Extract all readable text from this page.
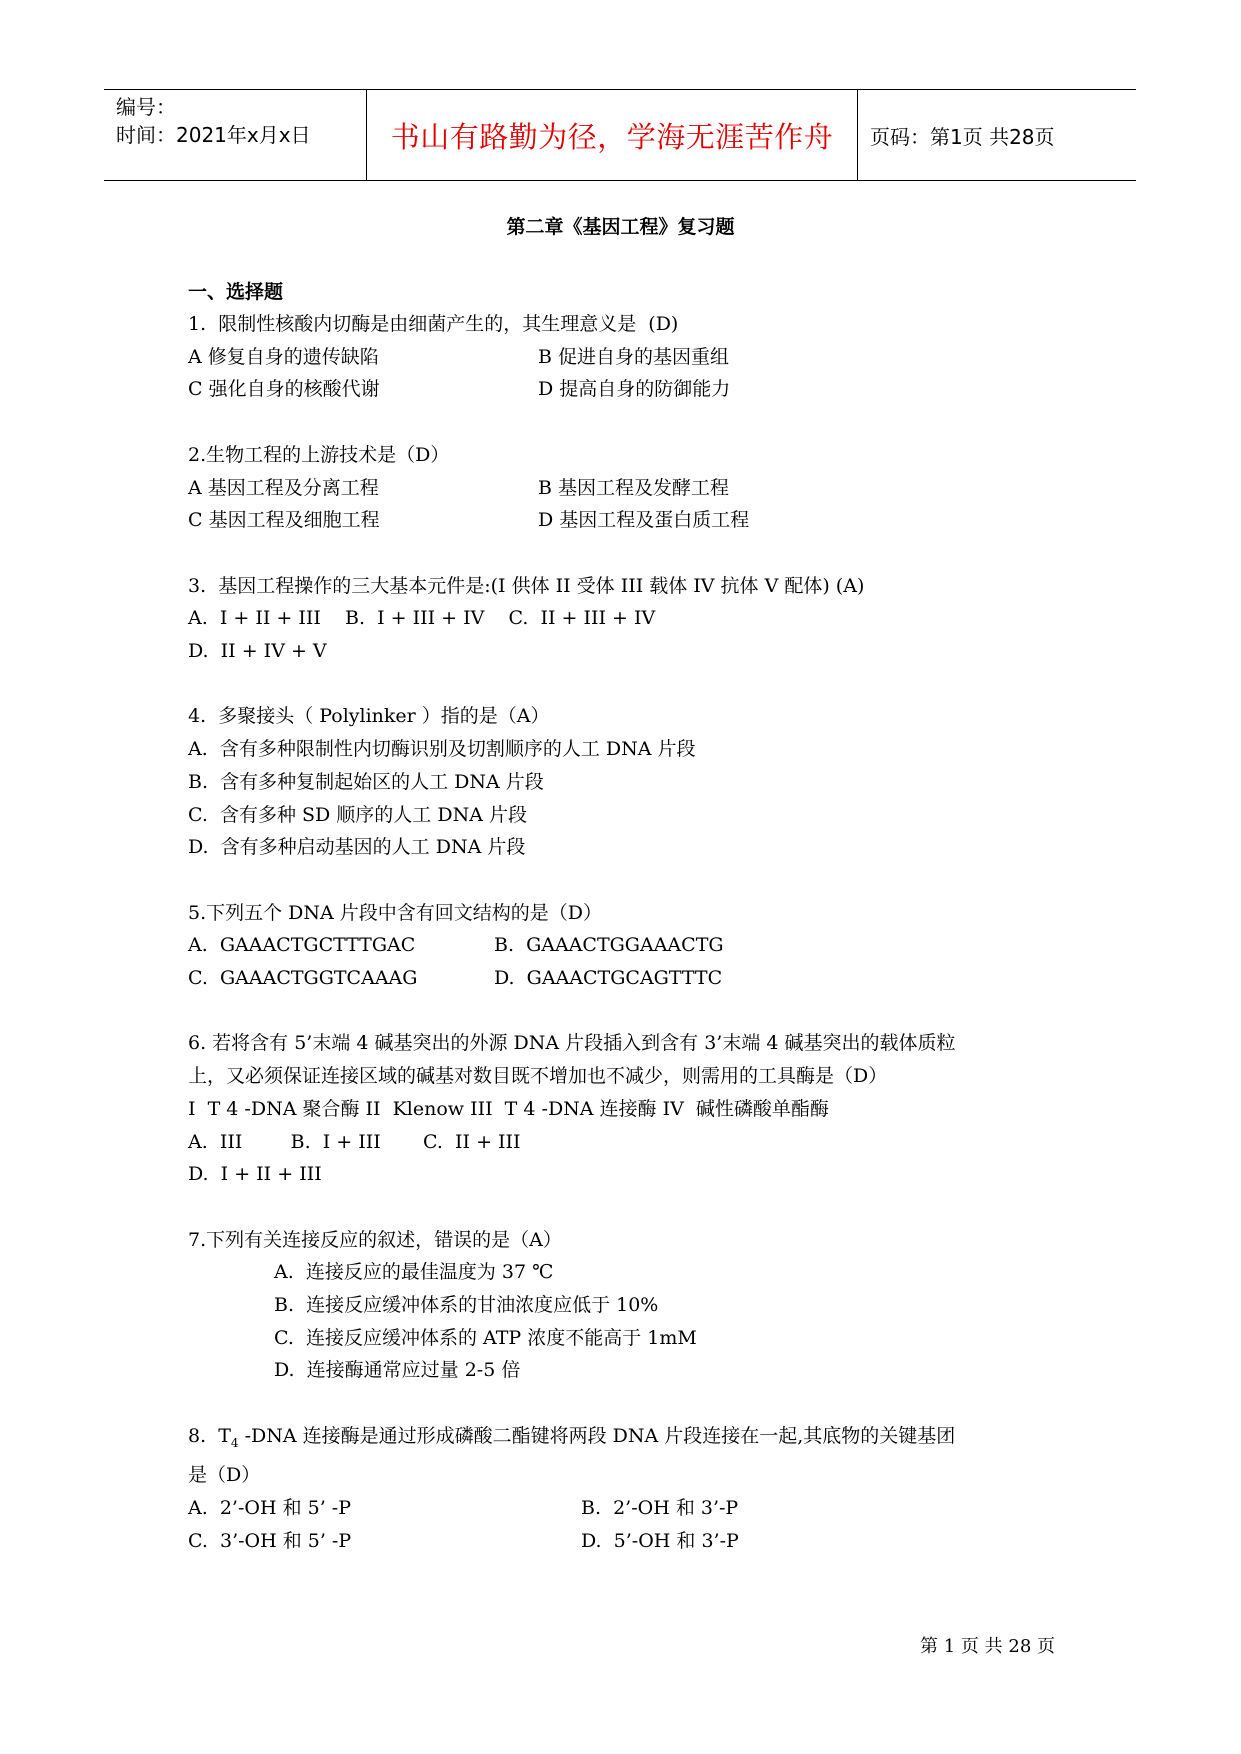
编号：
时间：2021年x月x日	书山有路勤为径，学海无涯苦作舟 页码：第1页 共28页
第二章《基因工程》复习题
一、选择题
1.  限制性核酸内切酶是由细菌产生的，其生理意义是  (D)
A 修复自身的遗传缺陷	B 促进自身的基因重组
C 强化自身的核酸代谢	D 提高自身的防御能力
2.生物工程的上游技术是（D）
A 基因工程及分离工程	B 基因工程及发酵工程
C 基因工程及细胞工程	D 基因工程及蛋白质工程
3.  基因工程操作的三大基本元件是:(I 供体 II 受体 III 载体 IV 抗体 V 配体) (A)
A.  I + II + III    B.  I + III + IV    C.  II + III + IV
D.  II + IV + V
4.  多聚接头（ Polylinker ）指的是（A）
A.  含有多种限制性内切酶识别及切割顺序的人工 DNA 片段
B.  含有多种复制起始区的人工 DNA 片段
C.  含有多种 SD 顺序的人工 DNA 片段
D.  含有多种启动基因的人工 DNA 片段
5.下列五个 DNA 片段中含有回文结构的是（D）
A.  GAAACTGCTTTGAC	B.  GAAACTGGAAACTG
C.  GAAACTGGTCAAAG	D.  GAAACTGCAGTTTC
6. 若将含有 5’末端 4 碱基突出的外源 DNA 片段插入到含有 3’末端 4 碱基突出的载体质粒
上，又必须保证连接区域的碱基对数目既不增加也不减少，则需用的工具酶是（D）
I  T 4 -DNA 聚合酶 II  Klenow III  T 4 -DNA 连接酶 IV  碱性磷酸单酯酶
A.  III        B.  I + III       C.  II + III
D.  I + II + III
7.下列有关连接反应的叙述，错误的是（A）
A.  连接反应的最佳温度为 37 ℃
B.  连接反应缓冲体系的甘油浓度应低于 10%
C.  连接反应缓冲体系的 ATP 浓度不能高于 1mM
D.  连接酶通常应过量 2-5 倍
8.  $T_4$ -DNA 连接酶是通过形成磷酸二酯键将两段 DNA 片段连接在一起,其底物的关键基团
是（D）
A.  2’-OH 和 5’ -P	B.  2’-OH 和 3’-P
C.  3’-OH 和 5’ -P	D.  5’-OH 和 3’-P
第 1 页 共 28 页
